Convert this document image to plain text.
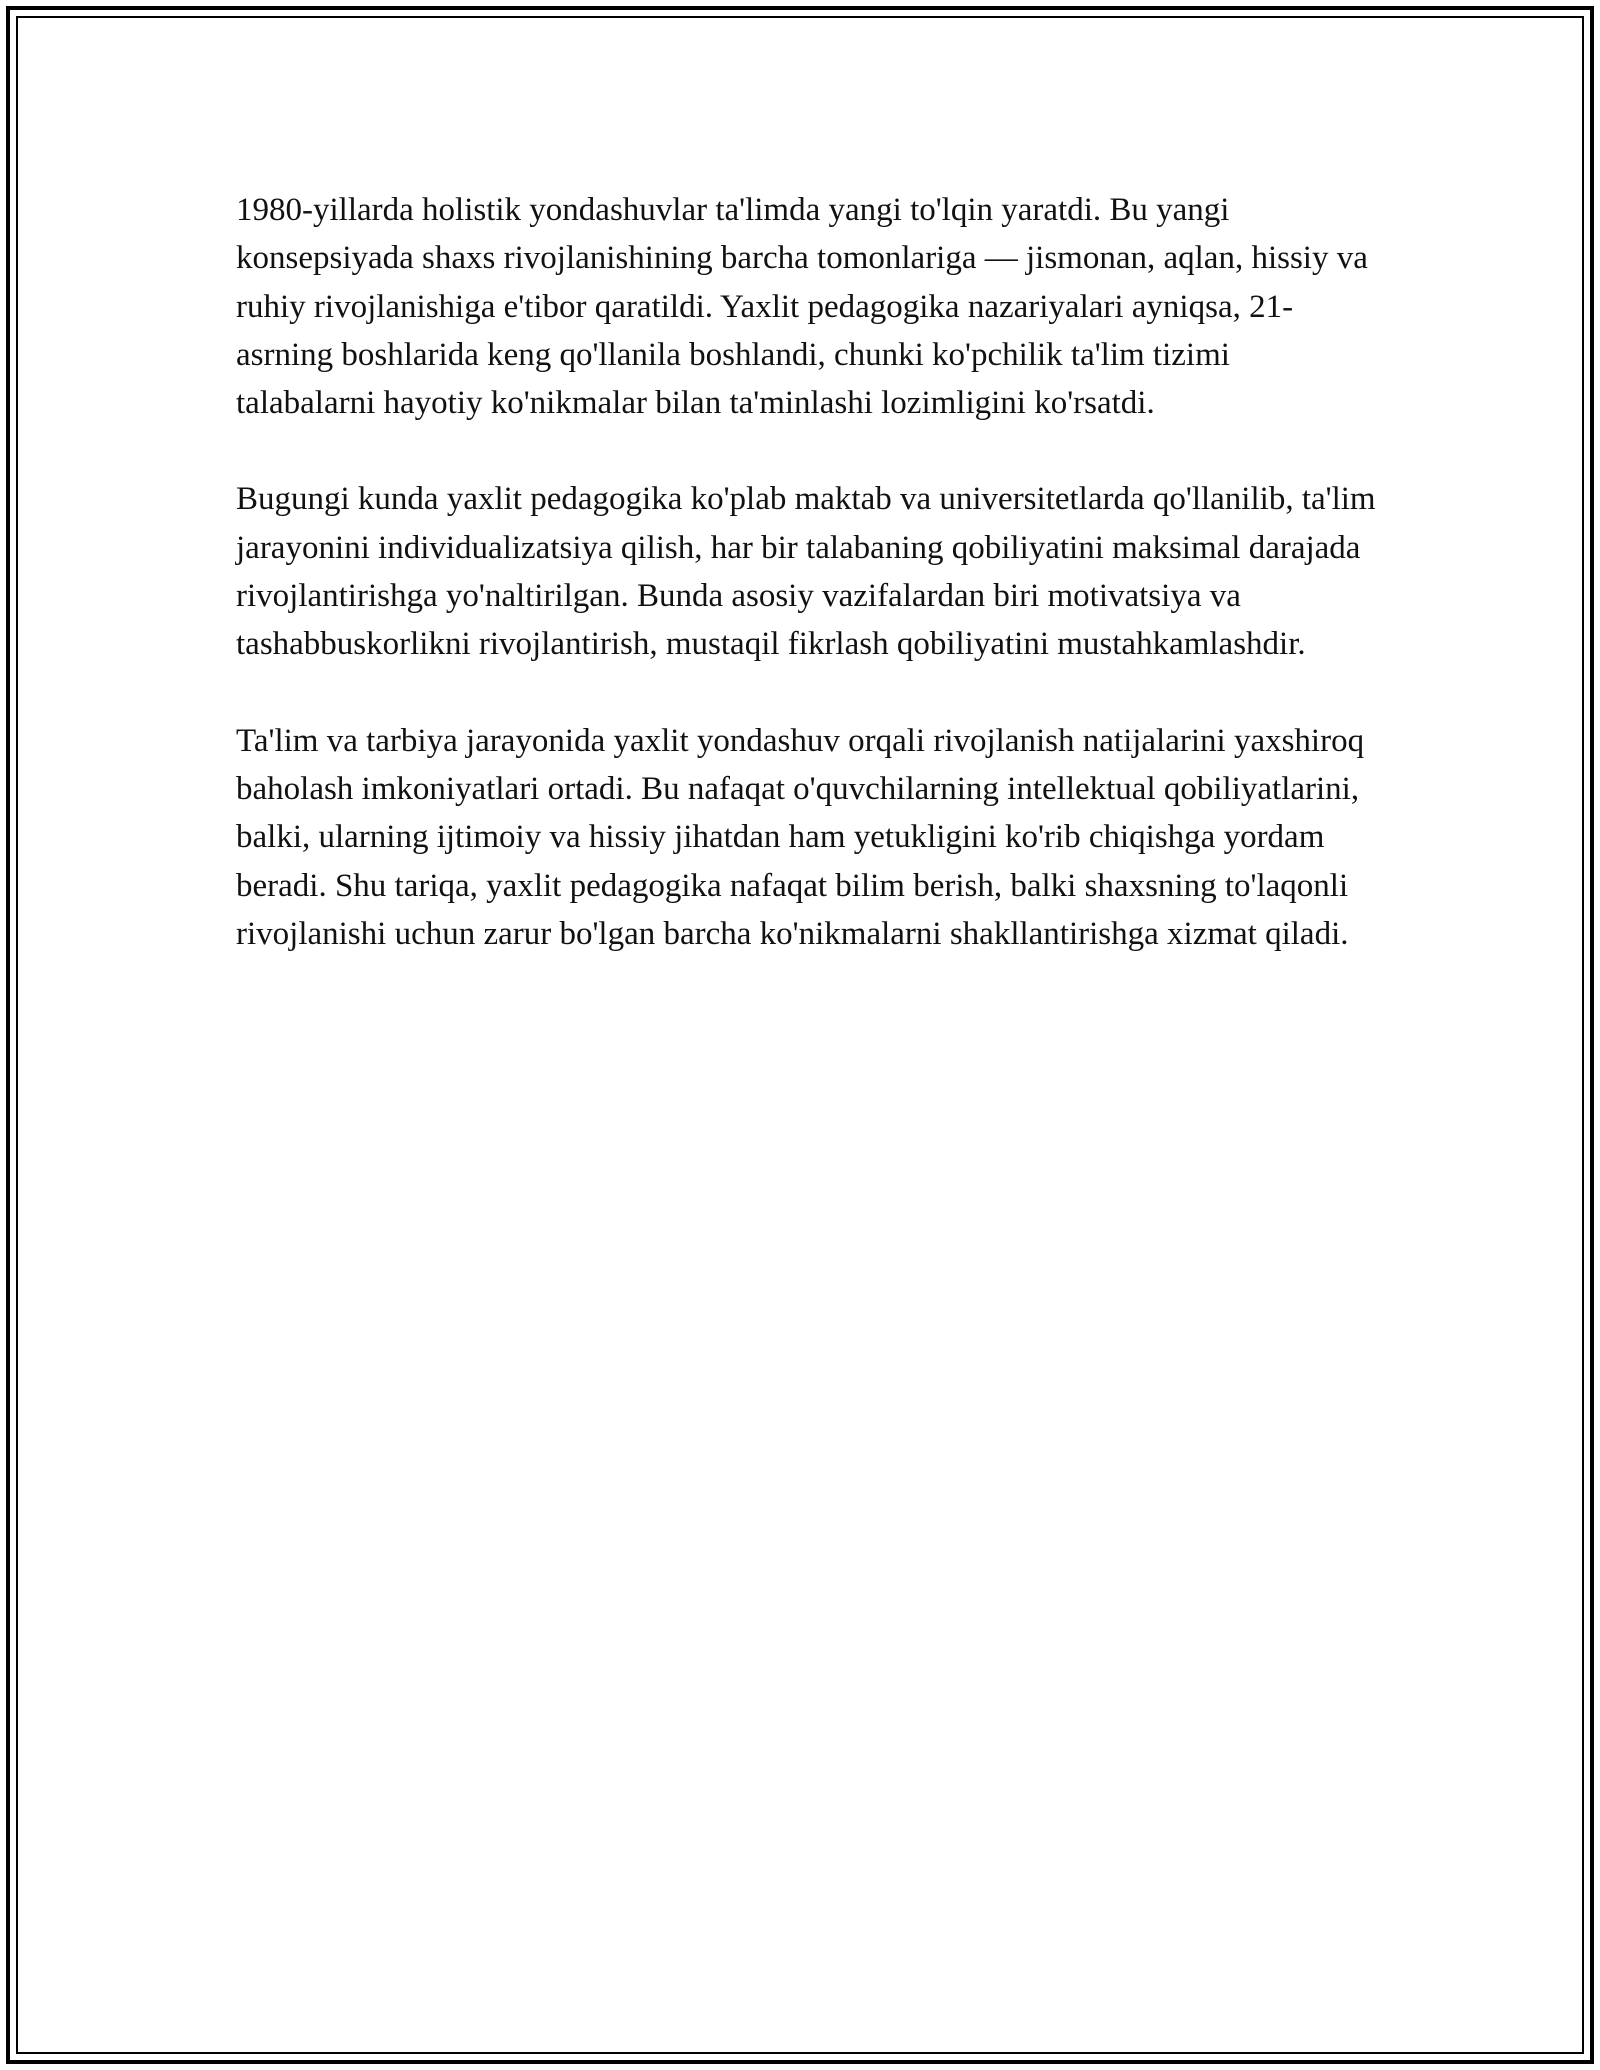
1980-yillarda holistik yondashuvlar ta'limda yangi to'lqin yaratdi. Bu yangi konsepsiyada shaxs rivojlanishining barcha tomonlariga — jismonan, aqlan, hissiy va ruhiy rivojlanishiga e'tibor qaratildi. Yaxlit pedagogika nazariyalari ayniqsa, 21-asrning boshlarida keng qo'llanila boshlandi, chunki ko'pchilik ta'lim tizimi talabalarni hayotiy ko'nikmalar bilan ta'minlashi lozimligini ko'rsatdi.

Bugungi kunda yaxlit pedagogika ko'plab maktab va universitetlarda qo'llanilib, ta'lim jarayonini individualizatsiya qilish, har bir talabaning qobiliyatini maksimal darajada rivojlantirishga yo'naltirilgan. Bunda asosiy vazifalardan biri motivatsiya va tashabbuskorlikni rivojlantirish, mustaqil fikrlash qobiliyatini mustahkamlashdir.

Ta'lim va tarbiya jarayonida yaxlit yondashuv orqali rivojlanish natijalarini yaxshiroq baholash imkoniyatlari ortadi. Bu nafaqat o'quvchilarning intellektual qobiliyatlarini, balki, ularning ijtimoiy va hissiy jihatdan ham yetukligini ko'rib chiqishga yordam beradi. Shu tariqa, yaxlit pedagogika nafaqat bilim berish, balki shaxsning to'laqonli rivojlanishi uchun zarur bo'lgan barcha ko'nikmalarni shakllantirishga xizmat qiladi.
